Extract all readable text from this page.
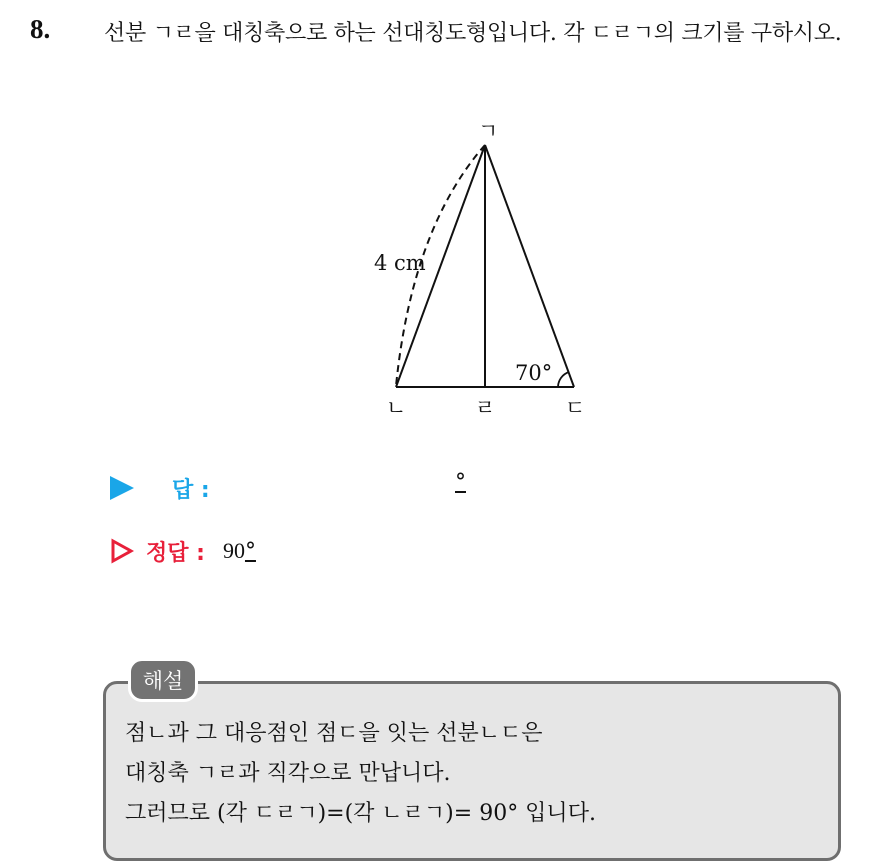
8. 선분 ㄱㄹ을 대칭축으로 하는 선대칭도형입니다. 각 ㄷㄹㄱ의 크기를 구하시오.
ㄱ
ㄴ	ㄹ	ㄷ
4 cm
70°
답 :	°
정답 : 90 °
해설
점ㄴ과 그 대응점인 점ㄷ을 잇는 선분ㄴㄷ은
대칭축 ㄱㄹ과 직각으로 만납니다.
그러므로 (각 ㄷㄹㄱ)=(각 ㄴㄹㄱ)= 90° 입니다.
